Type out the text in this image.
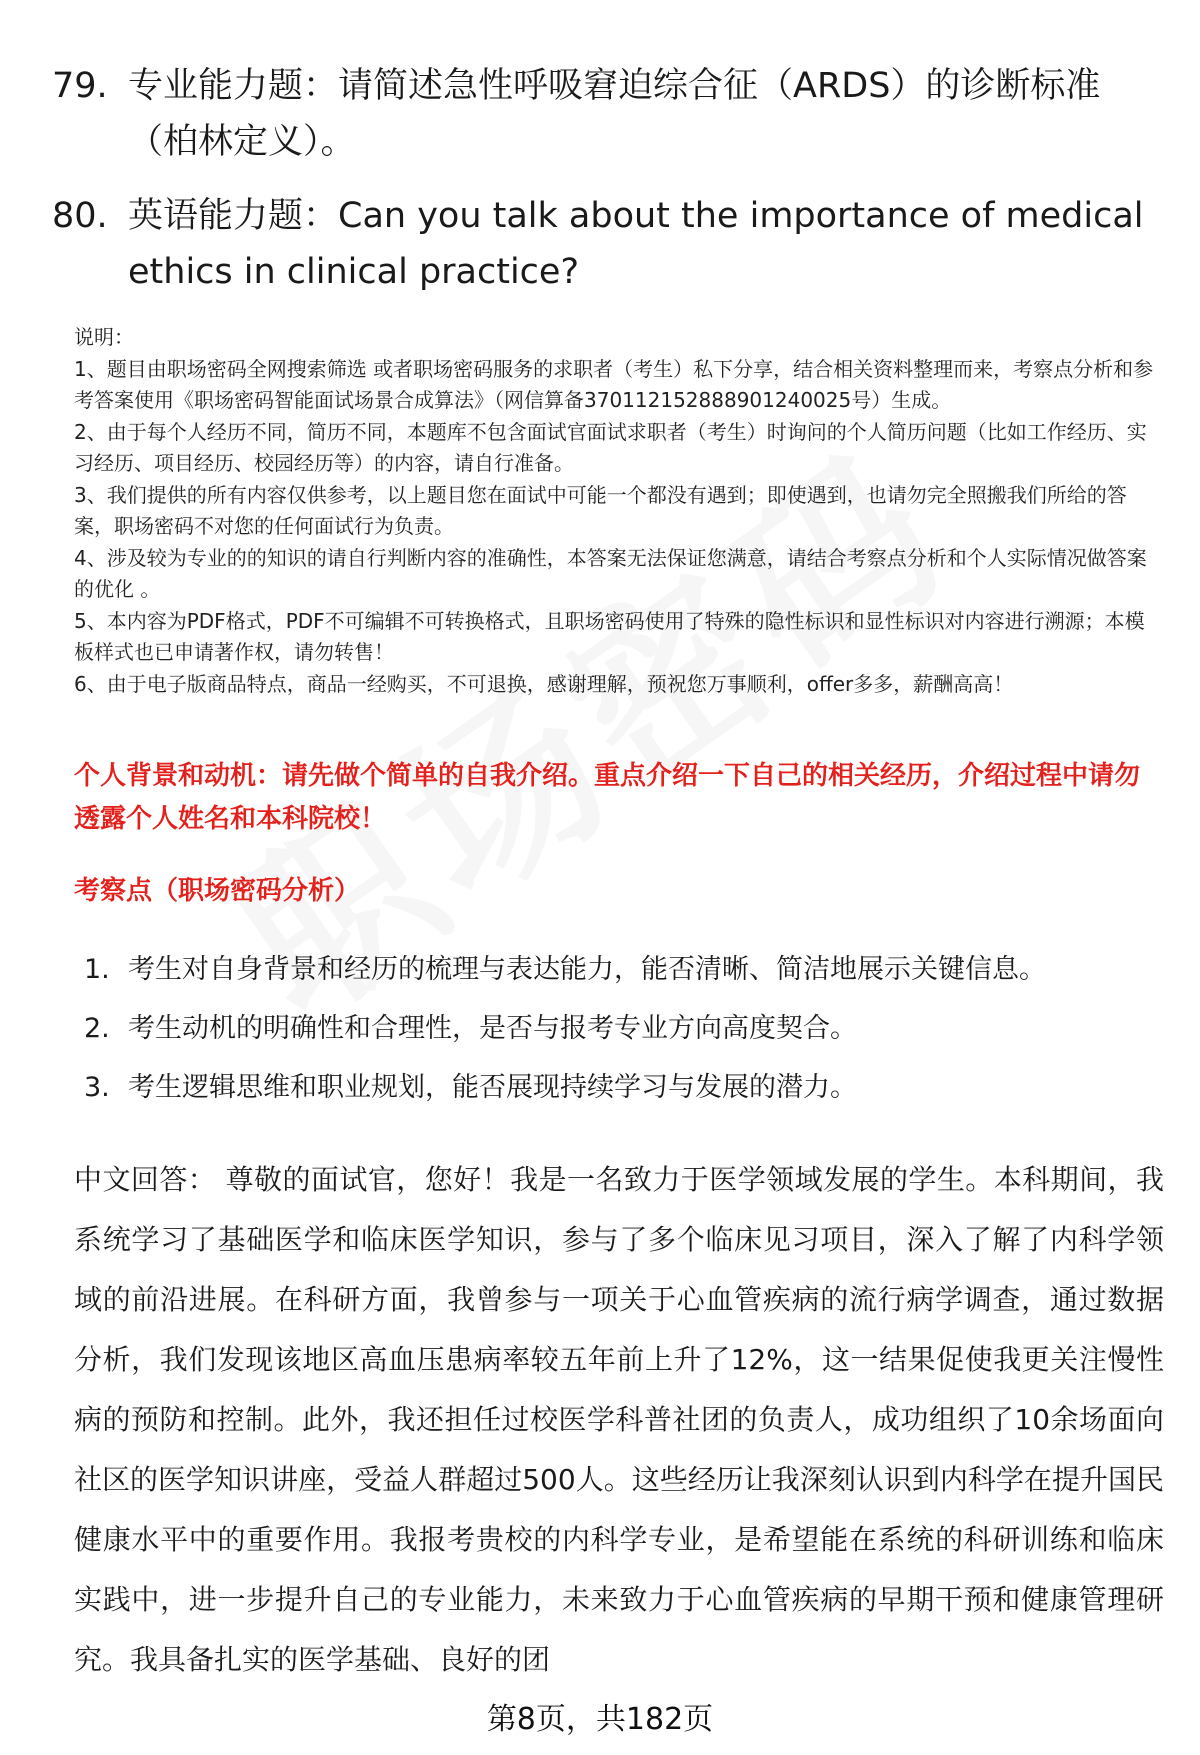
79. 专业能力题：请简述急性呼吸窘迫综合征（ARDS）的诊断标准（柏林定义）。
80. 英语能力题：Can you talk about the importance of medical ethics in clinical practice?

说明：

1、题目由职场密码全网搜索筛选 或者职场密码服务的求职者（考生）私下分享，结合相关资料整理而来，考察点分析和参考答案使用《职场密码智能面试场景合成算法》（网信算备370112152888901240025号）生成。

2、由于每个人经历不同，简历不同，本题库不包含面试官面试求职者（考生）时询问的个人简历问题（比如工作经历、实习经历、项目经历、校园经历等）的内容，请自行准备。

3、我们提供的所有内容仅供参考，以上题目您在面试中可能一个都没有遇到；即使遇到，也请勿完全照搬我们所给的答案，职场密码不对您的任何面试行为负责。

4、涉及较为专业的的知识的请自行判断内容的准确性，本答案无法保证您满意，请结合考察点分析和个人实际情况做答案的优化 。

5、本内容为PDF格式，PDF不可编辑不可转换格式，且职场密码使用了特殊的隐性标识和显性标识对内容进行溯源；本模板样式也已申请著作权，请勿转售！

6、由于电子版商品特点，商品一经购买，不可退换，感谢理解，预祝您万事顺利，offer多多，薪酬高高！

个人背景和动机：请先做个简单的自我介绍。重点介绍一下自己的相关经历，介绍过程中请勿透露个人姓名和本科院校！
考察点（职场密码分析）
1. 考生对自身背景和经历的梳理与表达能力，能否清晰、简洁地展示关键信息。
2. 考生动机的明确性和合理性，是否与报考专业方向高度契合。
3. 考生逻辑思维和职业规划，能否展现持续学习与发展的潜力。

中文回答： 尊敬的面试官，您好！我是一名致力于医学领域发展的学生。本科期间，我系统学习了基础医学和临床医学知识，参与了多个临床见习项目，深入了解了内科学领域的前沿进展。在科研方面，我曾参与一项关于心血管疾病的流行病学调查，通过数据分析，我们发现该地区高血压患病率较五年前上升了12%，这一结果促使我更关注慢性病的预防和控制。此外，我还担任过校医学科普社团的负责人，成功组织了10余场面向社区的医学知识讲座，受益人群超过500人。这些经历让我深刻认识到内科学在提升国民健康水平中的重要作用。我报考贵校的内科学专业，是希望能在系统的科研训练和临床实践中，进一步提升自己的专业能力，未来致力于心血管疾病的早期干预和健康管理研究。我具备扎实的医学基础、良好的团

第8页，共182页
